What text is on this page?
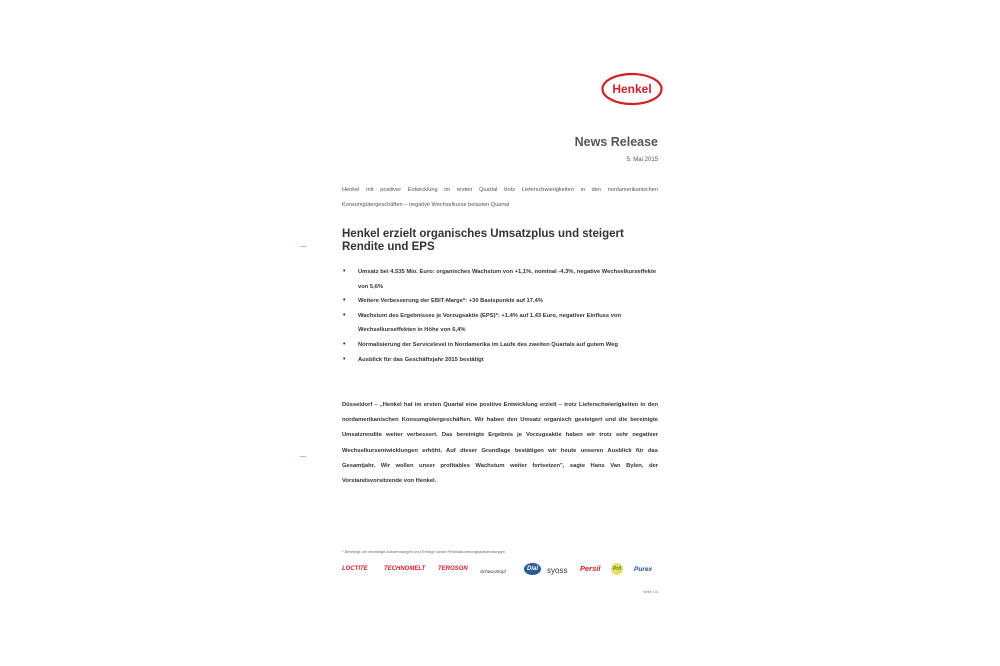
Henkel
News Release
5. Mai 2015
Henkel mit positiver Entwicklung im ersten Quartal trotz Lieferschwierigkeiten in den nordamerikanischen Konsumgütergeschäften – negative Wechselkurse belasten Quartal
Henkel erzielt organisches Umsatzplus und steigert Rendite und EPS
• Umsatz bei 4.535 Mio. Euro: organisches Wachstum von +1,1%, nominal -4,3%, negative Wechselkurseffekte von 5,6%
• Weitere Verbesserung der EBIT-Marge*: +30 Basispunkte auf 17,4%
• Wachstum des Ergebnisses je Vorzugsaktie (EPS)*: +1,4% auf 1,43 Euro, negativer Einfluss von Wechselkurseffekten in Höhe von 6,4%
• Normalisierung der Servicelevel in Nordamerika im Laufe des zweiten Quartals auf gutem Weg
• Ausblick für das Geschäftsjahr 2015 bestätigt
Düsseldorf – „Henkel hat im ersten Quartal eine positive Entwicklung erzielt – trotz Lieferschwierigkeiten in den nordamerikanischen Konsumgütergeschäften. Wir haben den Umsatz organisch gesteigert und die bereinigte Umsatzrendite weiter verbessert. Das bereinigte Ergebnis je Vorzugsaktie haben wir trotz sehr negativer Wechselkursentwicklungen erhöht. Auf dieser Grundlage bestätigen wir heute unseren Ausblick für das Gesamtjahr. Wir wollen unser profitables Wachstum weiter fortsetzen", sagte Hans Van Bylen, der Vorstandsvorsitzende von Henkel.
* Bereinigt um einmalige Aufwendungen und Erträge sowie Restrukturierungsaufwendungen
LOCTITE	TECHNOMELT TEROSON	Schwarzkopf	Dial	syoss Persil	Pril	Purex
Seite 1/4
